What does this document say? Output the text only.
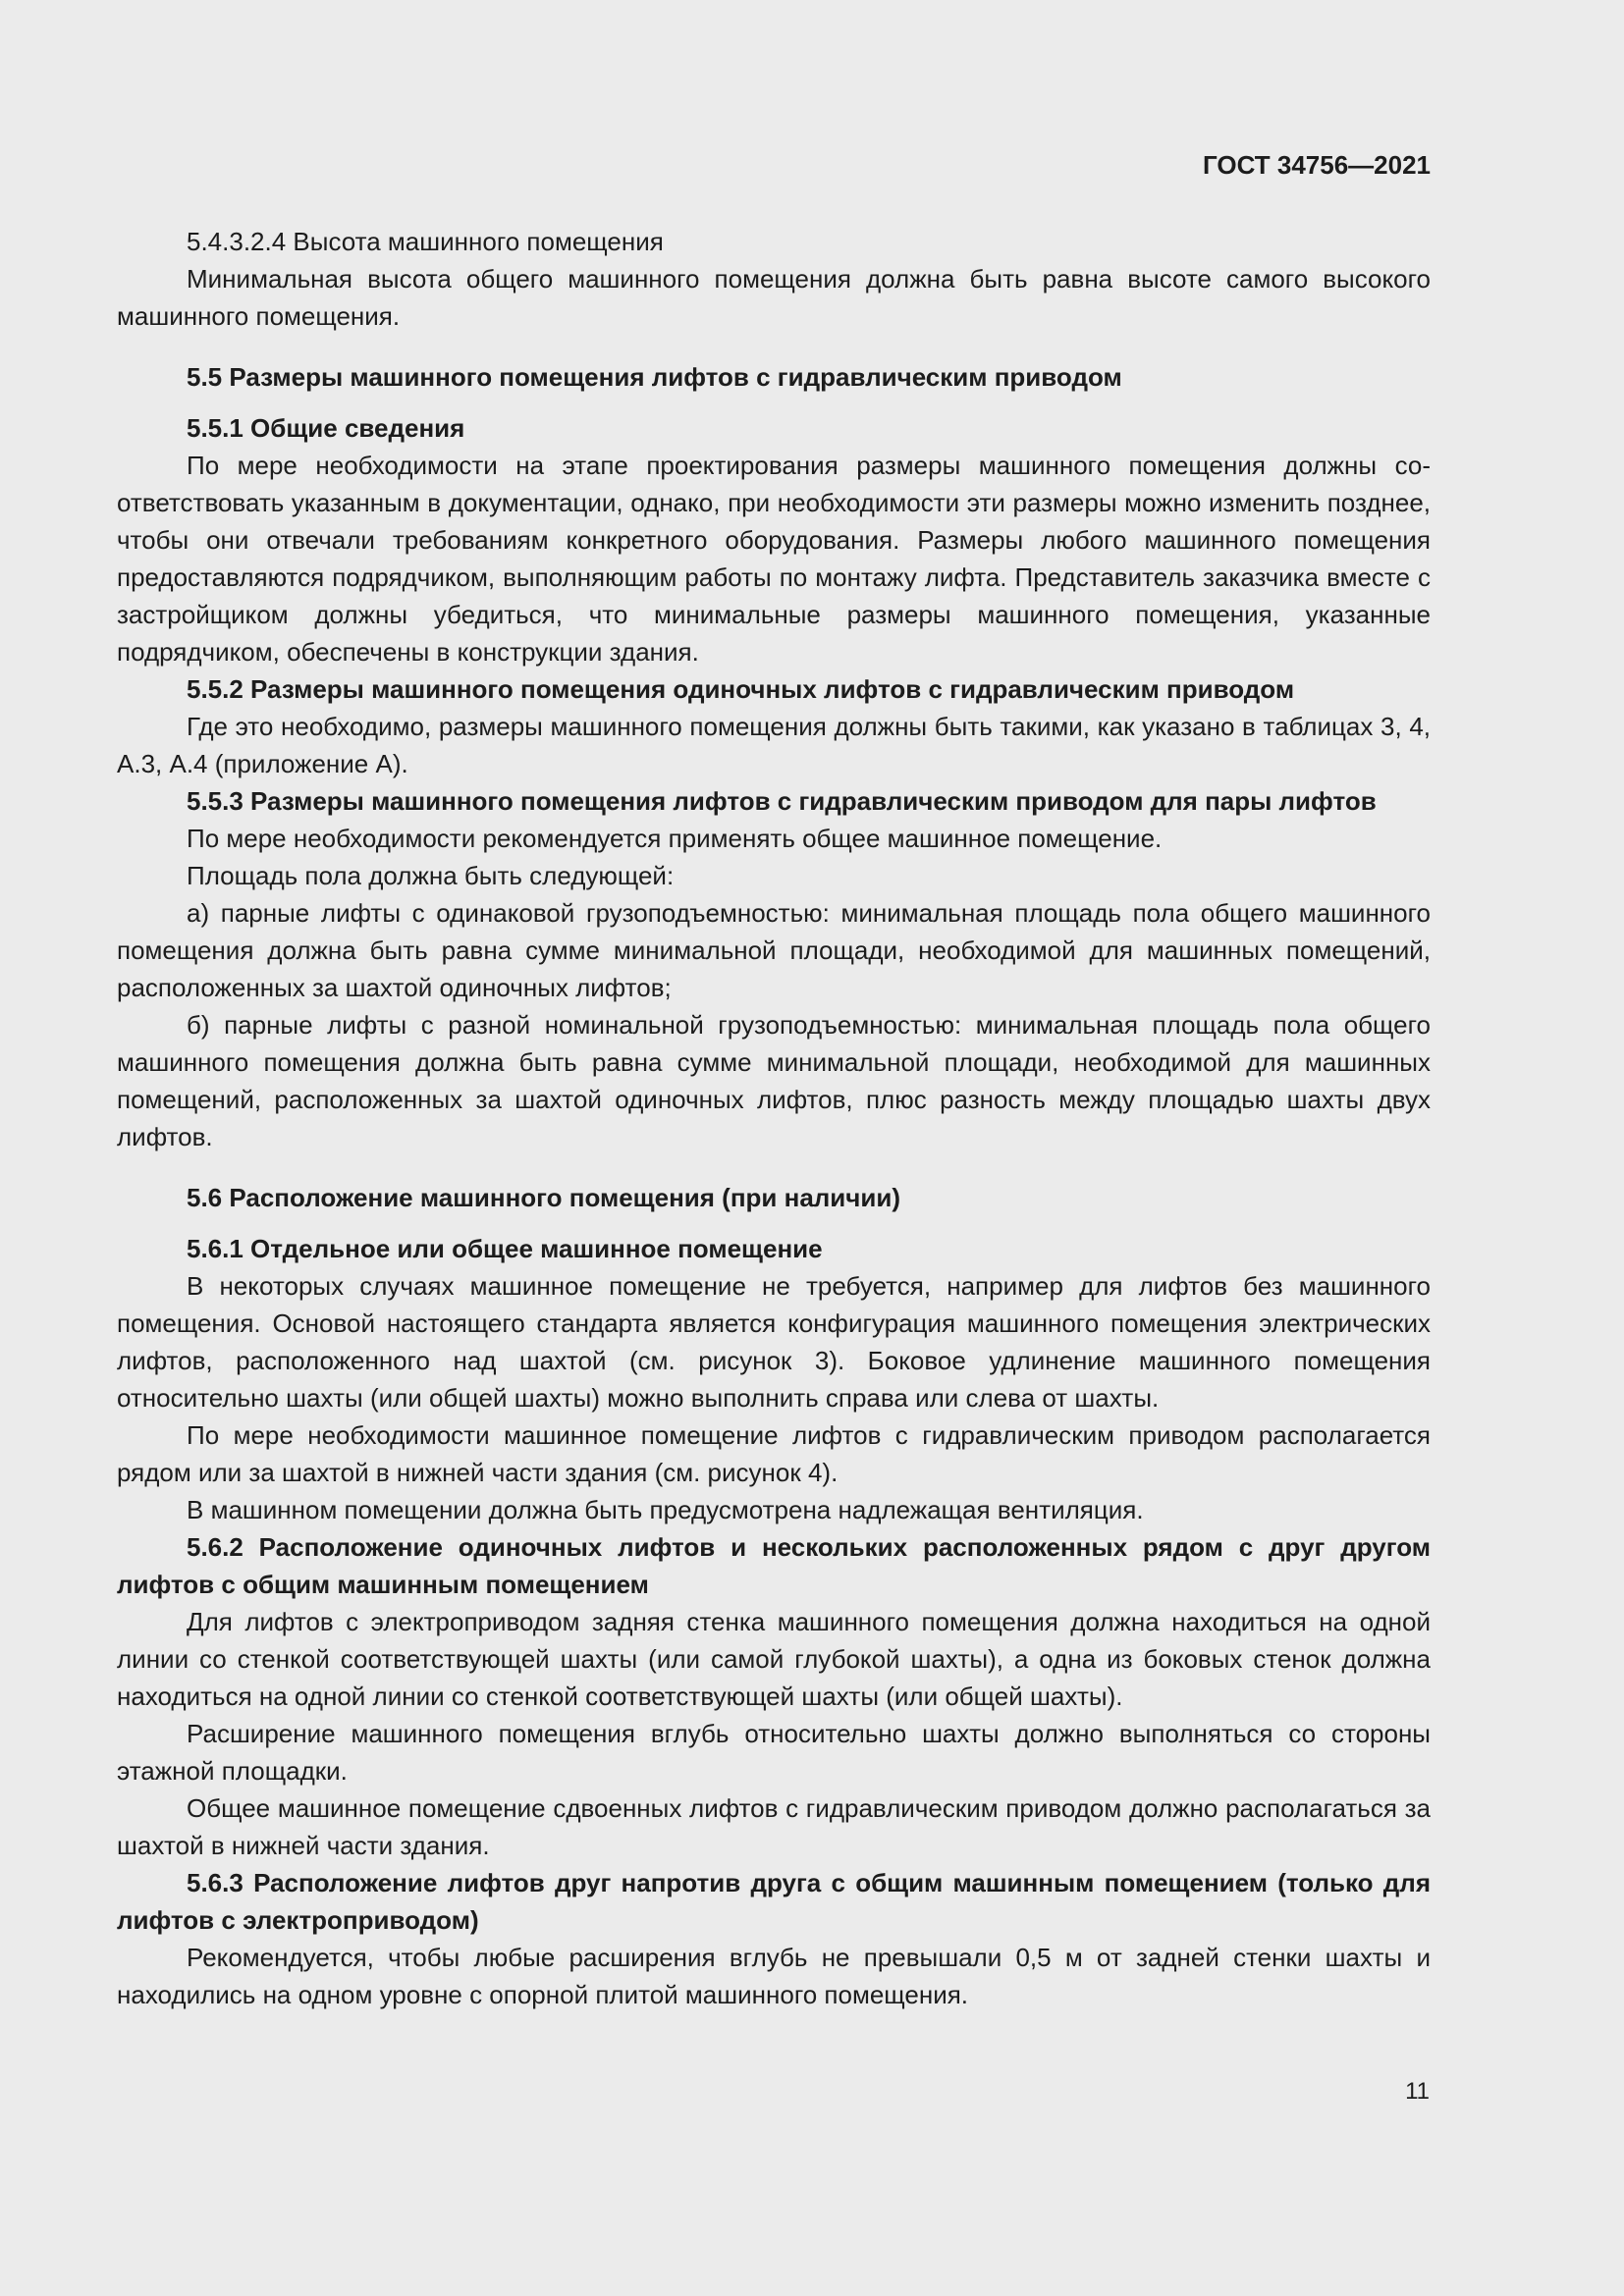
ГОСТ 34756—2021

5.4.3.2.4 Высота машинного помещения

Минимальная высота общего машинного помещения должна быть равна высоте самого высокого машинного помещения.

5.5 Размеры машинного помещения лифтов с гидравлическим приводом

5.5.1 Общие сведения

По мере необходимости на этапе проектирования размеры машинного помещения должны соответствовать указанным в документации, однако, при необходимости эти размеры можно изменить позднее, чтобы они отвечали требованиям конкретного оборудования. Размеры любого машинного помещения предоставляются подрядчиком, выполняющим работы по монтажу лифта. Представитель заказчика вместе с застройщиком должны убедиться, что минимальные размеры машинного помещения, указанные подрядчиком, обеспечены в конструкции здания.

5.5.2 Размеры машинного помещения одиночных лифтов с гидравлическим приводом

Где это необходимо, размеры машинного помещения должны быть такими, как указано в таблицах 3, 4, А.3, А.4 (приложение А).

5.5.3 Размеры машинного помещения лифтов с гидравлическим приводом для пары лифтов

По мере необходимости рекомендуется применять общее машинное помещение.

Площадь пола должна быть следующей:

а) парные лифты с одинаковой грузоподъемностью: минимальная площадь пола общего машинного помещения должна быть равна сумме минимальной площади, необходимой для машинных помещений, расположенных за шахтой одиночных лифтов;

б) парные лифты с разной номинальной грузоподъемностью: минимальная площадь пола общего машинного помещения должна быть равна сумме минимальной площади, необходимой для машинных помещений, расположенных за шахтой одиночных лифтов, плюс разность между площадью шахты двух лифтов.

5.6 Расположение машинного помещения (при наличии)

5.6.1 Отдельное или общее машинное помещение

В некоторых случаях машинное помещение не требуется, например для лифтов без машинного помещения. Основой настоящего стандарта является конфигурация машинного помещения электрических лифтов, расположенного над шахтой (см. рисунок 3). Боковое удлинение машинного помещения относительно шахты (или общей шахты) можно выполнить справа или слева от шахты.

По мере необходимости машинное помещение лифтов с гидравлическим приводом располагается рядом или за шахтой в нижней части здания (см. рисунок 4).

В машинном помещении должна быть предусмотрена надлежащая вентиляция.

5.6.2 Расположение одиночных лифтов и нескольких расположенных рядом с друг другом лифтов с общим машинным помещением

Для лифтов с электроприводом задняя стенка машинного помещения должна находиться на одной линии со стенкой соответствующей шахты (или самой глубокой шахты), а одна из боковых стенок должна находиться на одной линии со стенкой соответствующей шахты (или общей шахты).

Расширение машинного помещения вглубь относительно шахты должно выполняться со стороны этажной площадки.

Общее машинное помещение сдвоенных лифтов с гидравлическим приводом должно располагаться за шахтой в нижней части здания.

5.6.3 Расположение лифтов друг напротив друга с общим машинным помещением (только для лифтов с электроприводом)

Рекомендуется, чтобы любые расширения вглубь не превышали 0,5 м от задней стенки шахты и находились на одном уровне с опорной плитой машинного помещения.

11
